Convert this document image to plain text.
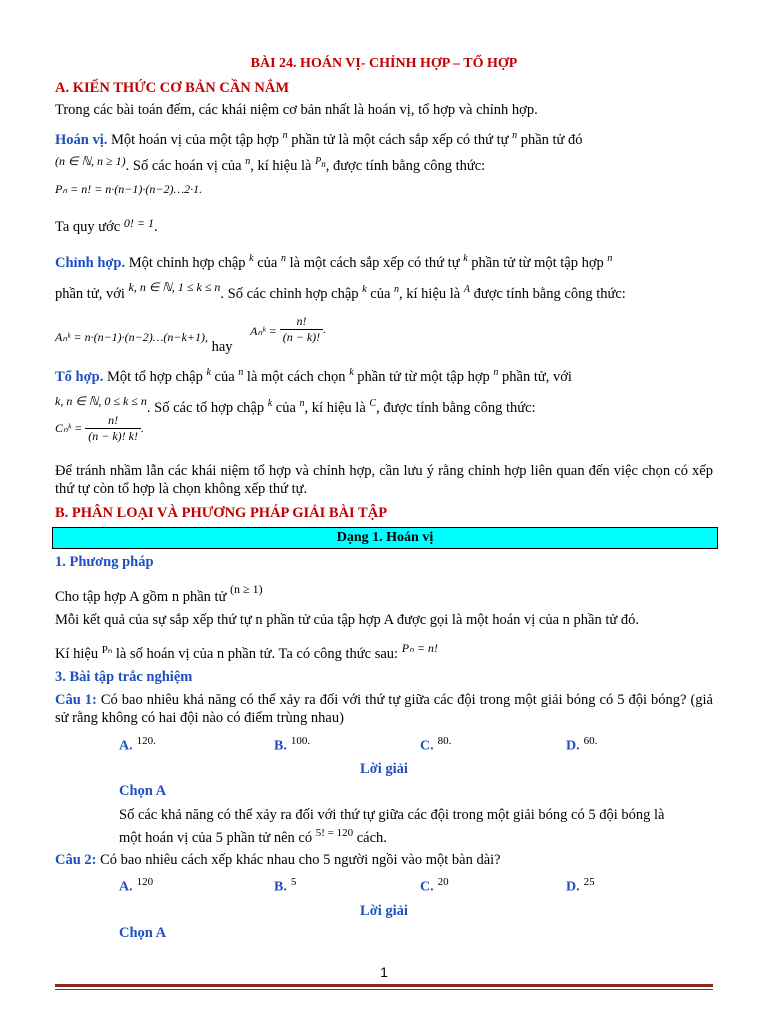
BÀI 24. HOÁN VỊ- CHỈNH HỢP – TỔ HỢP
A. KIẾN THỨC CƠ BẢN CẦN NẮM
Trong các bài toán đếm, các khái niệm cơ bản nhất là hoán vị, tổ hợp và chỉnh hợp.
Hoán vị. Một hoán vị của một tập hợp $^n$ phần tử là một cách sắp xếp có thứ tự $^n$ phần tử đó
$^{(n \in ℕ, n \ge 1)}$. Số các hoán vị của $^n$, kí hiệu là $^{Pn}$, được tính bằng công thức:
Pₙ = n! = n·(n−1)·(n−2)…2·1.
Ta quy ước $^{0! = 1}$.
Chỉnh hợp. Một chỉnh hợp chập $^k$ của $^n$ là một cách sắp xếp có thứ tự $^k$ phần tử từ một tập hợp $^n$
phần tử, với $^{k, n \in ℕ, 1 \le k \le n}$. Số các chỉnh hợp chập $^k$ của $^n$, kí hiệu là $^A$ được tính bằng công thức:
$_{A_nᵏ = n\cdot(n-1)\cdot(n-2)\dots(n-k+1),}$ hay Aₙᵏ = $\frac{n!}{(n - k)!}$ .
Tổ hợp. Một tổ hợp chập $^k$ của $^n$ là một cách chọn $^k$ phần tử từ một tập hợp $^n$ phần tử, với
$^{k, n \in ℕ, 0 \le k \le n}$. Số các tổ hợp chập $^k$ của $^n$, kí hiệu là $^C$, được tính bằng công thức:
Cₙᵏ = $\frac{n!}{(n - k)! k!}$ .
Để tránh nhầm lẫn các khái niệm tổ hợp và chỉnh hợp, cần lưu ý rằng chỉnh hợp liên quan đến việc chọn có xếp thứ tự còn tổ hợp là chọn không xếp thứ tự.
B. PHÂN LOẠI VÀ PHƯƠNG PHÁP GIẢI BÀI TẬP
Dạng 1. Hoán vị
1. Phương pháp
Cho tập hợp A gồm n phần tử $^{(n \ge 1)}$
Mỗi kết quả của sự sắp xếp thứ tự n phần tử của tập hợp A được gọi là một hoán vị của n phần tử đó.
Kí hiệu $^{P_n}$ là số hoán vị của n phần tử. Ta có công thức sau: $^{P_n = n!}$
3. Bài tập trắc nghiệm
Câu 1: Có bao nhiêu khả năng có thể xảy ra đối với thứ tự giữa các đội trong một giải bóng có 5 đội bóng? (giả sử rằng không có hai đội nào có điểm trùng nhau)
A. $^{120.}$	B. $^{100.}$	C. $^{80.}$	D. $^{60.}$
Lời giải
Chọn A
Số các khả năng có thể xảy ra đối với thứ tự giữa các đội trong một giải bóng có 5 đội bóng là
một hoán vị của 5 phần tử nên có $^{5! = 120}$ cách.
Câu 2: Có bao nhiêu cách xếp khác nhau cho 5 người ngồi vào một bàn dài?
A. $^{120}$	B. $^5$	C. $^{20}$	D. $^{25}$
Lời giải
Chọn A
1
